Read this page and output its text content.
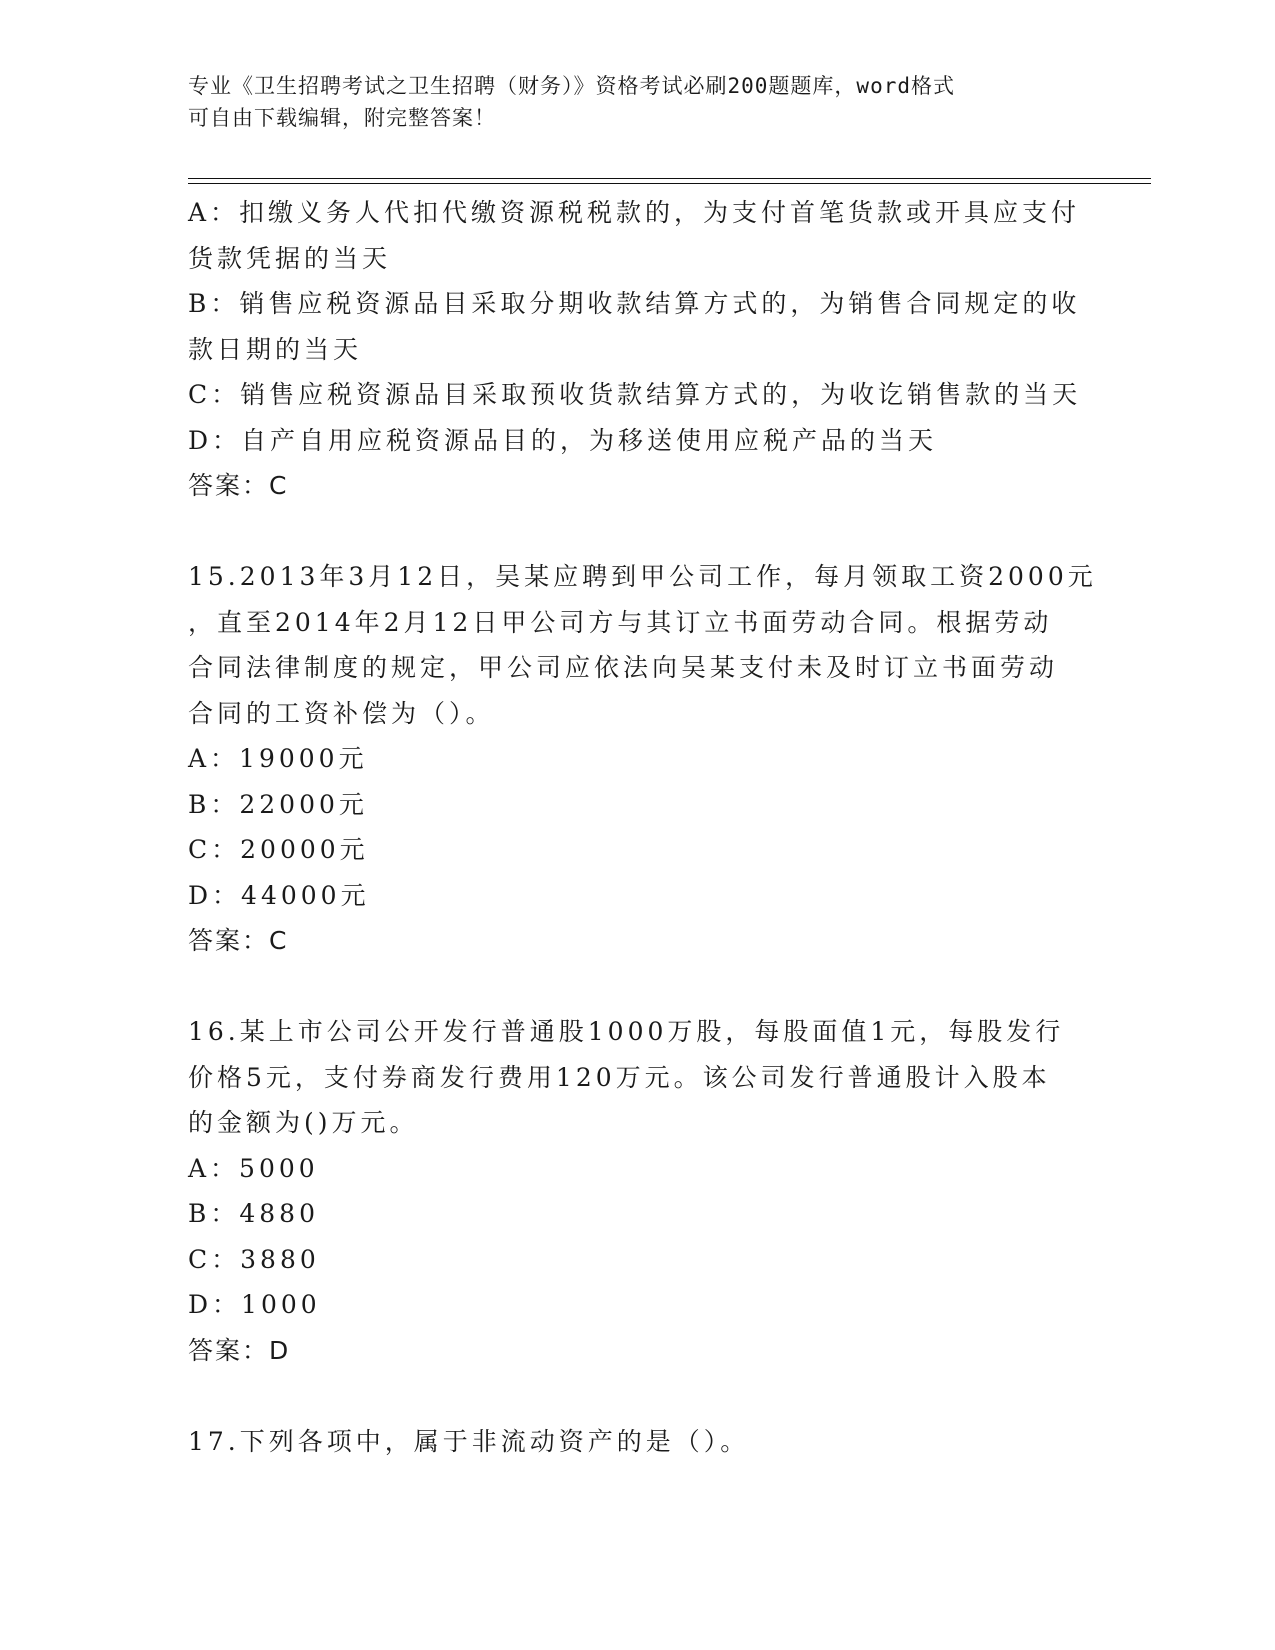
专业《卫生招聘考试之卫生招聘（财务）》资格考试必刷200题题库，word格式
可自由下载编辑，附完整答案！

A：扣缴义务人代扣代缴资源税税款的，为支付首笔货款或开具应支付

货款凭据的当天

B：销售应税资源品目采取分期收款结算方式的，为销售合同规定的收

款日期的当天

C：销售应税资源品目采取预收货款结算方式的，为收讫销售款的当天

D：自产自用应税资源品目的，为移送使用应税产品的当天

答案：C

15.2013年3月12日，吴某应聘到甲公司工作，每月领取工资2000元

，直至2014年2月12日甲公司方与其订立书面劳动合同。根据劳动

合同法律制度的规定，甲公司应依法向吴某支付未及时订立书面劳动

合同的工资补偿为（）。

A：19000元

B：22000元

C：20000元

D：44000元

答案：C

16.某上市公司公开发行普通股1000万股，每股面值1元，每股发行

价格5元，支付券商发行费用120万元。该公司发行普通股计入股本

的金额为()万元。

A：5000

B：4880

C：3880

D：1000

答案：D

17.下列各项中，属于非流动资产的是（）。
